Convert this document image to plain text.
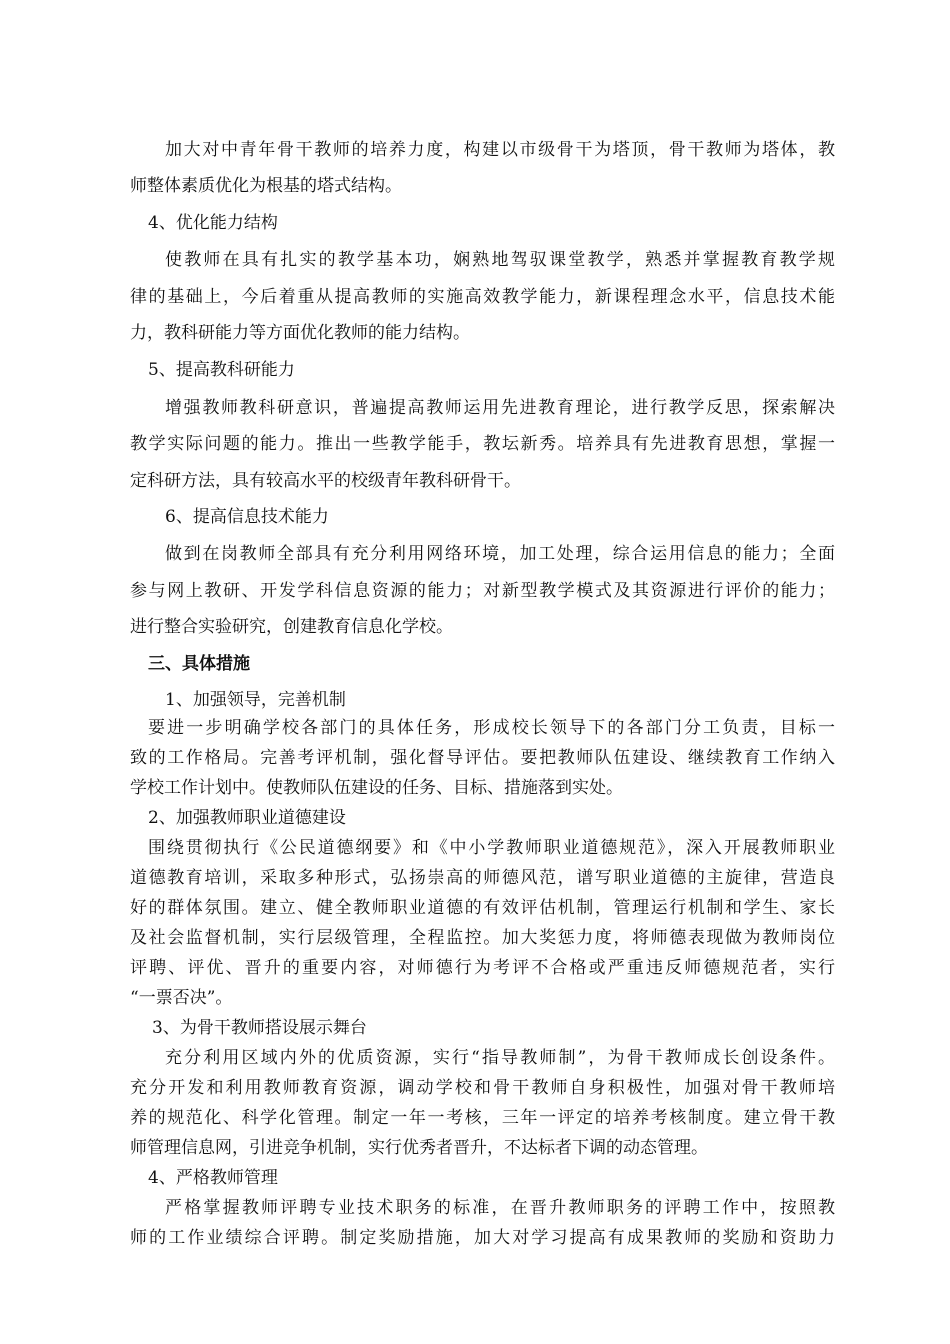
加大对中青年骨干教师的培养力度，构建以市级骨干为塔顶，骨干教师为塔体，教
师整体素质优化为根基的塔式结构。
4、优化能力结构
使教师在具有扎实的教学基本功，娴熟地驾驭课堂教学，熟悉并掌握教育教学规
律的基础上，今后着重从提高教师的实施高效教学能力，新课程理念水平，信息技术能
力，教科研能力等方面优化教师的能力结构。
5、提高教科研能力
增强教师教科研意识，普遍提高教师运用先进教育理论，进行教学反思，探索解决
教学实际问题的能力。推出一些教学能手，教坛新秀。培养具有先进教育思想，掌握一
定科研方法，具有较高水平的校级青年教科研骨干。
6、提高信息技术能力
做到在岗教师全部具有充分利用网络环境，加工处理，综合运用信息的能力；全面
参与网上教研、开发学科信息资源的能力；对新型教学模式及其资源进行评价的能力；
进行整合实验研究，创建教育信息化学校。
三、具体措施
1、加强领导，完善机制
要进一步明确学校各部门的具体任务，形成校长领导下的各部门分工负责，目标一
致的工作格局。完善考评机制，强化督导评估。要把教师队伍建设、继续教育工作纳入
学校工作计划中。使教师队伍建设的任务、目标、措施落到实处。
2、加强教师职业道德建设
围绕贯彻执行《公民道德纲要》和《中小学教师职业道德规范》，深入开展教师职业
道德教育培训，采取多种形式，弘扬崇高的师德风范，谱写职业道德的主旋律，营造良
好的群体氛围。建立、健全教师职业道德的有效评估机制，管理运行机制和学生、家长
及社会监督机制，实行层级管理，全程监控。加大奖惩力度，将师德表现做为教师岗位
评聘、评优、晋升的重要内容，对师德行为考评不合格或严重违反师德规范者，实行
“一票否决”。
3、为骨干教师搭设展示舞台
充分利用区域内外的优质资源，实行“指导教师制”，为骨干教师成长创设条件。
充分开发和利用教师教育资源，调动学校和骨干教师自身积极性，加强对骨干教师培
养的规范化、科学化管理。制定一年一考核，三年一评定的培养考核制度。建立骨干教
师管理信息网，引进竞争机制，实行优秀者晋升，不达标者下调的动态管理。
4、严格教师管理
严格掌握教师评聘专业技术职务的标准，在晋升教师职务的评聘工作中，按照教
师的工作业绩综合评聘。制定奖励措施，加大对学习提高有成果教师的奖励和资助力
